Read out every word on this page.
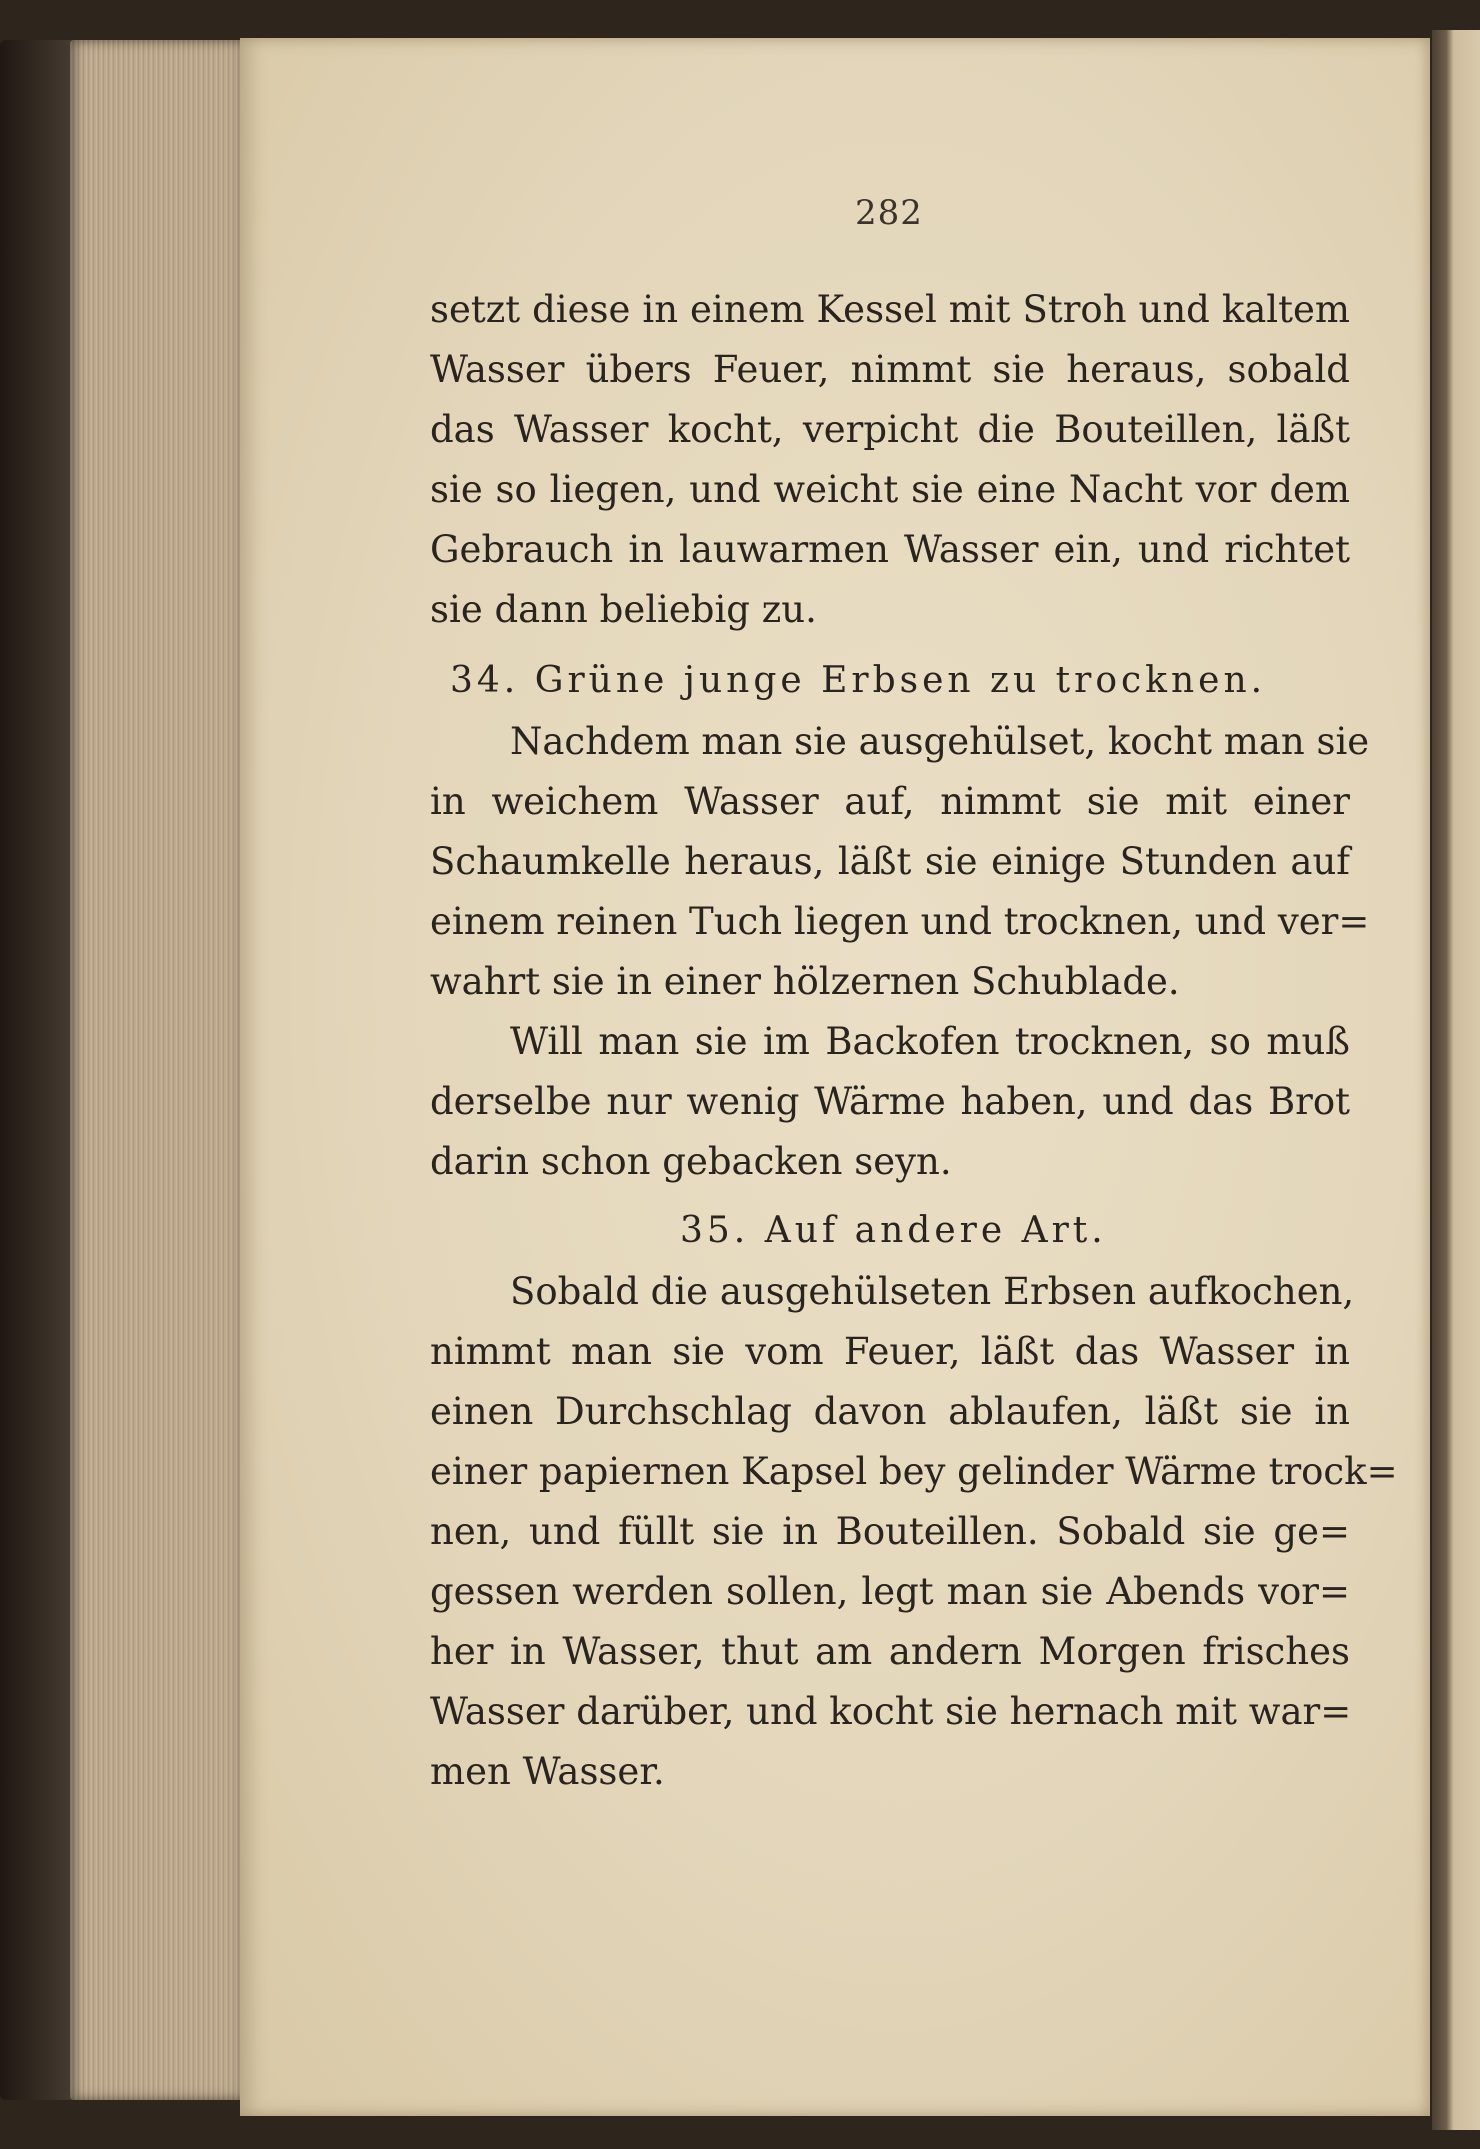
282
setzt diese in einem Kessel mit Stroh und kaltem
Wasser übers Feuer, nimmt sie heraus, sobald
das Wasser kocht, verpicht die Bouteillen, läßt
sie so liegen, und weicht sie eine Nacht vor dem
Gebrauch in lauwarmen Wasser ein, und richtet
sie dann beliebig zu.
34. Grüne junge Erbsen zu trocknen.
Nachdem man sie ausgehülset, kocht man sie
in weichem Wasser auf, nimmt sie mit einer
Schaumkelle heraus, läßt sie einige Stunden auf
einem reinen Tuch liegen und trocknen, und ver=
wahrt sie in einer hölzernen Schublade.
Will man sie im Backofen trocknen, so muß
derselbe nur wenig Wärme haben, und das Brot
darin schon gebacken seyn.
35. Auf andere Art.
Sobald die ausgehülseten Erbsen aufkochen,
nimmt man sie vom Feuer, läßt das Wasser in
einen Durchschlag davon ablaufen, läßt sie in
einer papiernen Kapsel bey gelinder Wärme trock=
nen, und füllt sie in Bouteillen. Sobald sie ge=
gessen werden sollen, legt man sie Abends vor=
her in Wasser, thut am andern Morgen frisches
Wasser darüber, und kocht sie hernach mit war=
men Wasser.
